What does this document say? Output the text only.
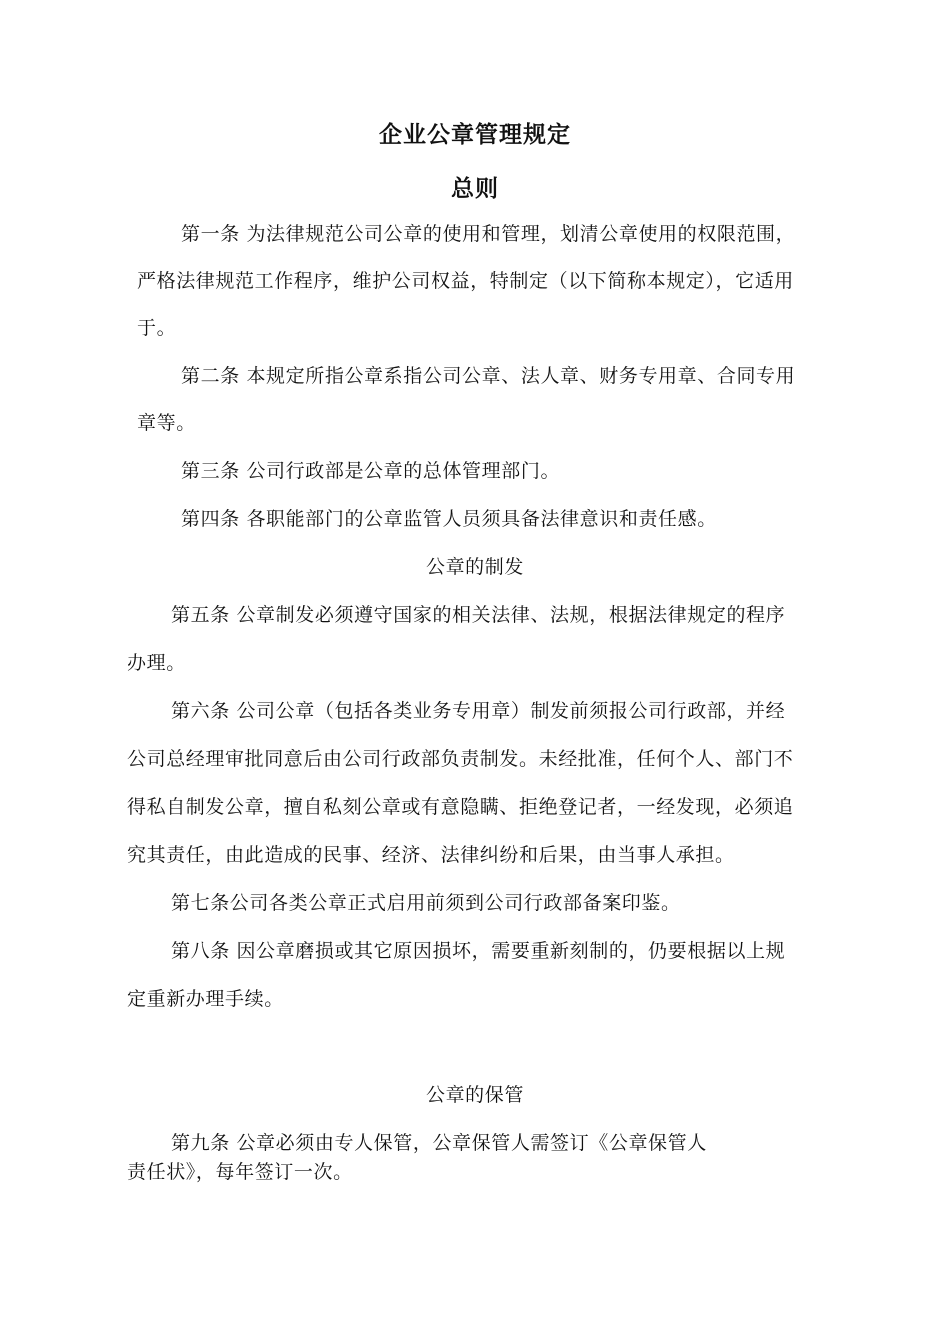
企业公章管理规定
总则

第一条 为法律规范公司公章的使用和管理，划清公章使用的权限范围，

严格法律规范工作程序，维护公司权益，特制定（以下简称本规定），它适用

于。

第二条 本规定所指公章系指公司公章、法人章、财务专用章、合同专用

章等。

第三条 公司行政部是公章的总体管理部门。

第四条 各职能部门的公章监管人员须具备法律意识和责任感。

公章的制发

第五条 公章制发必须遵守国家的相关法律、法规，根据法律规定的程序

办理。

第六条 公司公章（包括各类业务专用章）制发前须报公司行政部，并经

公司总经理审批同意后由公司行政部负责制发。未经批准，任何个人、部门不

得私自制发公章，擅自私刻公章或有意隐瞒、拒绝登记者，一经发现，必须追

究其责任，由此造成的民事、经济、法律纠纷和后果，由当事人承担。

第七条公司各类公章正式启用前须到公司行政部备案印鉴。

第八条 因公章磨损或其它原因损坏，需要重新刻制的，仍要根据以上规

定重新办理手续。

公章的保管

第九条 公章必须由专人保管，公章保管人需签订《公章保管人

责任状》，每年签订一次。
